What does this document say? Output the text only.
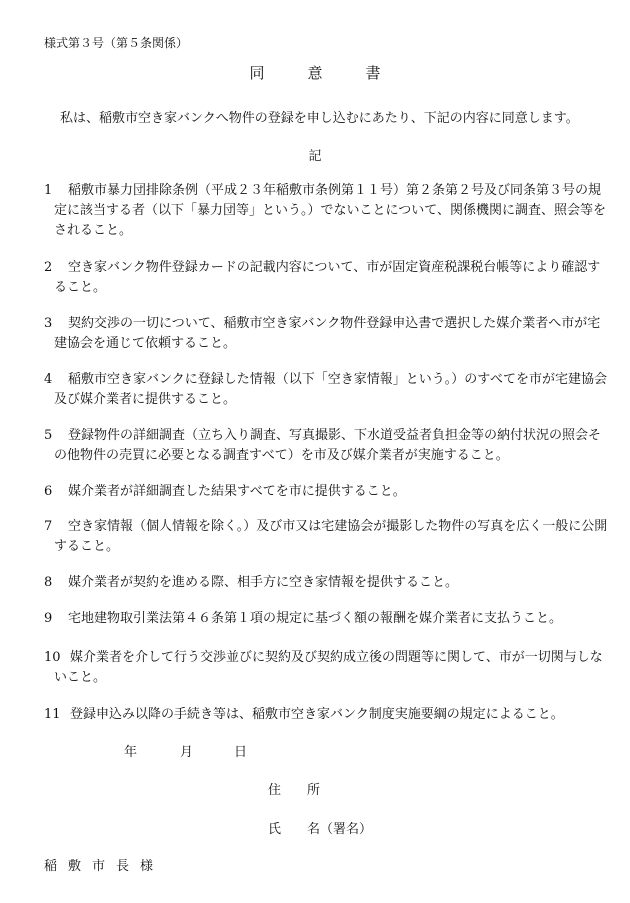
様式第３号（第５条関係）
同　意　書
私は、稲敷市空き家バンクへ物件の登録を申し込むにあたり、下記の内容に同意します。
記
1 稲敷市暴力団排除条例（平成２３年稲敷市条例第１１号）第２条第２号及び同条第３号の規定に該当する者（以下「暴力団等」という。）でないことについて、関係機関に調査、照会等をされること。
2 空き家バンク物件登録カードの記載内容について、市が固定資産税課税台帳等により確認すること。
3 契約交渉の一切について、稲敷市空き家バンク物件登録申込書で選択した媒介業者へ市が宅建協会を通じて依頼すること。
4 稲敷市空き家バンクに登録した情報（以下「空き家情報」という。）のすべてを市が宅建協会及び媒介業者に提供すること。
5 登録物件の詳細調査（立ち入り調査、写真撮影、下水道受益者負担金等の納付状況の照会その他物件の売買に必要となる調査すべて）を市及び媒介業者が実施すること。
6 媒介業者が詳細調査した結果すべてを市に提供すること。
7 空き家情報（個人情報を除く。）及び市又は宅建協会が撮影した物件の写真を広く一般に公開すること。
8 媒介業者が契約を進める際、相手方に空き家情報を提供すること。
9 宅地建物取引業法第４６条第１項の規定に基づく額の報酬を媒介業者に支払うこと。
10 媒介業者を介して行う交渉並びに契約及び契約成立後の問題等に関して、市が一切関与しないこと。
11 登録申込み以降の手続き等は、稲敷市空き家バンク制度実施要綱の規定によること。
年	月	日
住　　所
氏　　名（署名）
稲敷市長様
